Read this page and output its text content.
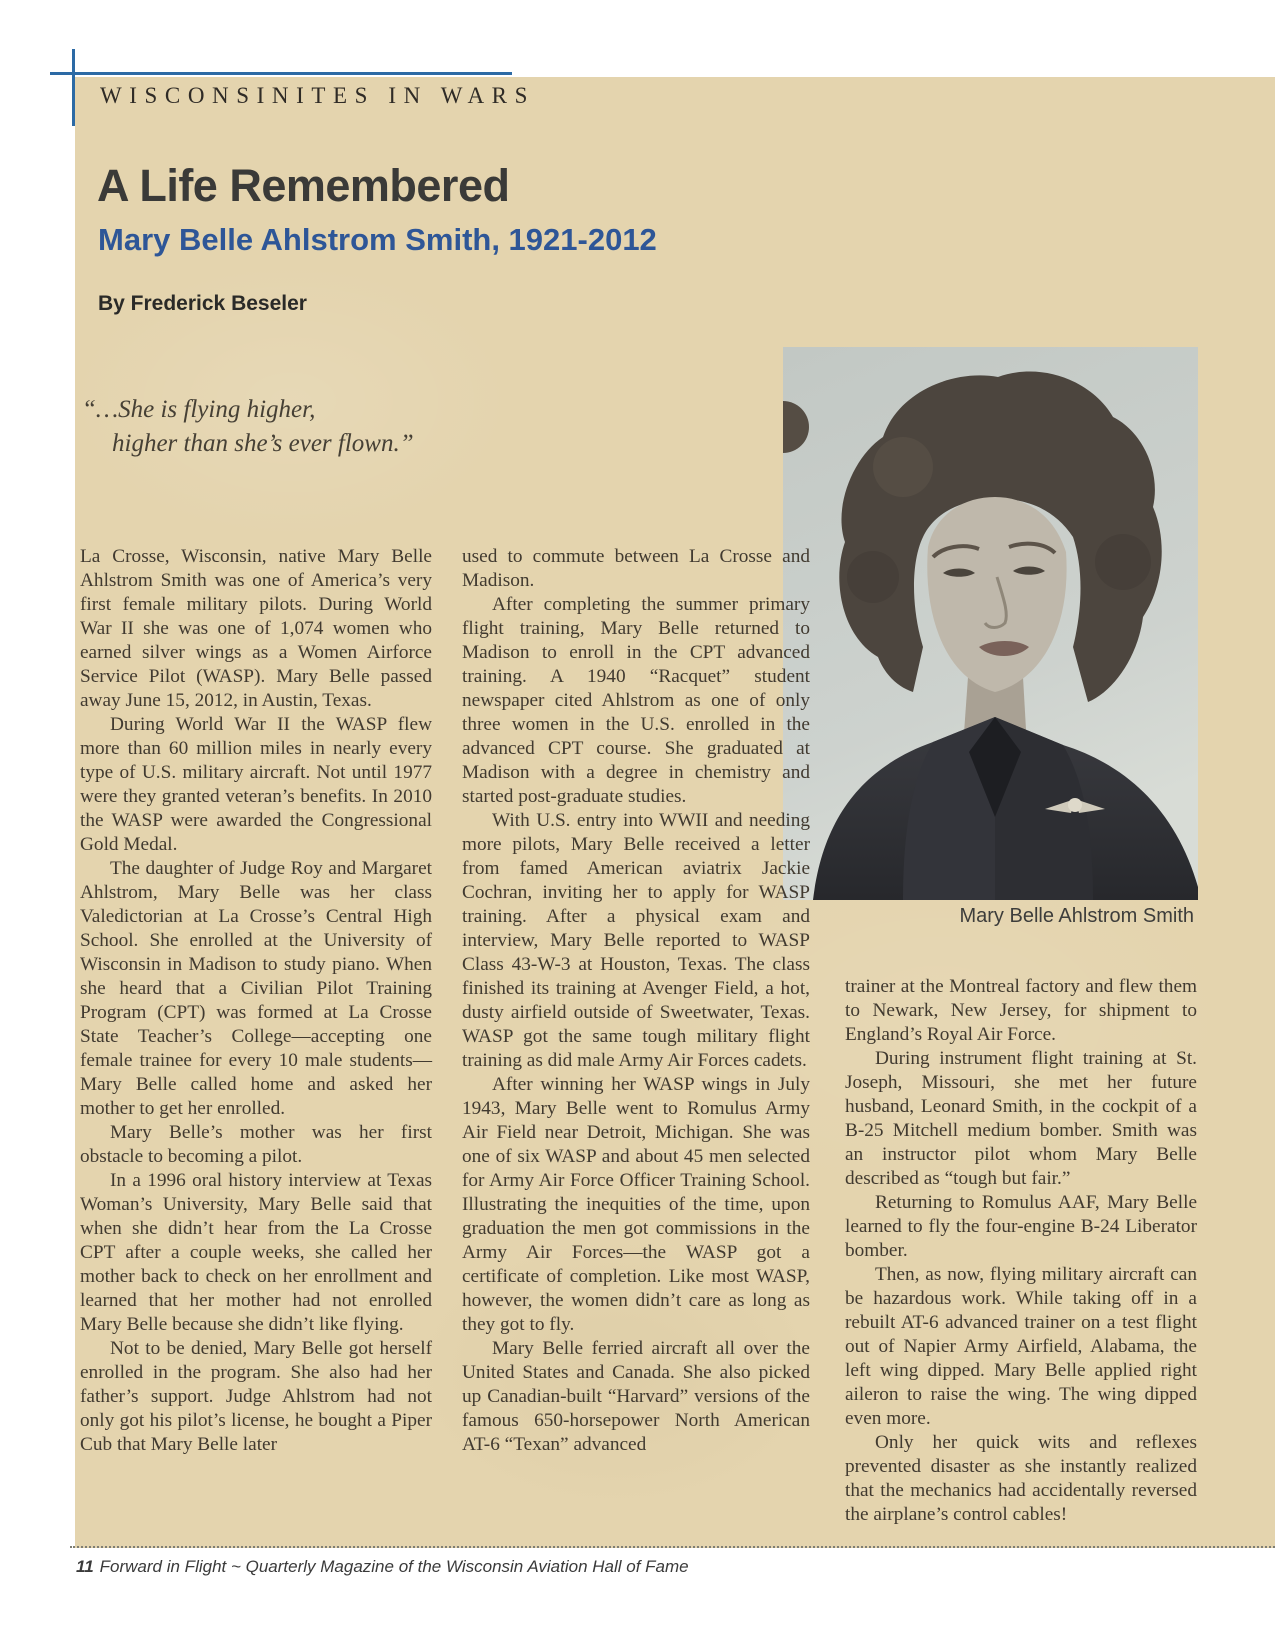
WISCONSINITES IN WARS
A Life Remembered
Mary Belle Ahlstrom Smith, 1921-2012
By Frederick Beseler
“…She is flying higher,
higher than she’s ever flown.”
Mary Belle Ahlstrom Smith

La Crosse, Wisconsin, native Mary Belle Ahlstrom Smith was one of America’s very first female military pilots. During World War II she was one of 1,074 women who earned silver wings as a Women Airforce Service Pilot (WASP). Mary Belle passed away June 15, 2012, in Austin, Texas.

During World War II the WASP flew more than 60 million miles in nearly every type of U.S. military aircraft. Not until 1977 were they granted veteran’s benefits. In 2010 the WASP were awarded the Congressional Gold Medal.

The daughter of Judge Roy and Margaret Ahlstrom, Mary Belle was her class Valedictorian at La Crosse’s Central High School. She enrolled at the University of Wisconsin in Madison to study piano. When she heard that a Civilian Pilot Training Program (CPT) was formed at La Crosse State Teacher’s College—accepting one female trainee for every 10 male students—Mary Belle called home and asked her mother to get her enrolled.

Mary Belle’s mother was her first obstacle to becoming a pilot.

In a 1996 oral history interview at Texas Woman’s University, Mary Belle said that when she didn’t hear from the La Crosse CPT after a couple weeks, she called her mother back to check on her enrollment and learned that her mother had not enrolled Mary Belle because she didn’t like flying.

Not to be denied, Mary Belle got herself enrolled in the program. She also had her father’s support. Judge Ahlstrom had not only got his pilot’s license, he bought a Piper Cub that Mary Belle later

used to commute between La Crosse and Madison.

After completing the summer primary flight training, Mary Belle returned to Madison to enroll in the CPT advanced training. A 1940 “Racquet” student newspaper cited Ahlstrom as one of only three women in the U.S. enrolled in the advanced CPT course. She graduated at Madison with a degree in chemistry and started post-graduate studies.

With U.S. entry into WWII and needing more pilots, Mary Belle received a letter from famed American aviatrix Jackie Cochran, inviting her to apply for WASP training. After a physical exam and interview, Mary Belle reported to WASP Class 43-W-3 at Houston, Texas. The class finished its training at Avenger Field, a hot, dusty airfield outside of Sweetwater, Texas. WASP got the same tough military flight training as did male Army Air Forces cadets.

After winning her WASP wings in July 1943, Mary Belle went to Romulus Army Air Field near Detroit, Michigan. She was one of six WASP and about 45 men selected for Army Air Force Officer Training School. Illustrating the inequities of the time, upon graduation the men got commissions in the Army Air Forces—the WASP got a certificate of completion. Like most WASP, however, the women didn’t care as long as they got to fly.

Mary Belle ferried aircraft all over the United States and Canada. She also picked up Canadian-built “Harvard” versions of the famous 650-horsepower North American AT-6 “Texan” advanced

trainer at the Montreal factory and flew them to Newark, New Jersey, for shipment to England’s Royal Air Force.

During instrument flight training at St. Joseph, Missouri, she met her future husband, Leonard Smith, in the cockpit of a B-25 Mitchell medium bomber. Smith was an instructor pilot whom Mary Belle described as “tough but fair.”

Returning to Romulus AAF, Mary Belle learned to fly the four-engine B-24 Liberator bomber.

Then, as now, flying military aircraft can be hazardous work. While taking off in a rebuilt AT-6 advanced trainer on a test flight out of Napier Army Airfield, Alabama, the left wing dipped. Mary Belle applied right aileron to raise the wing. The wing dipped even more.

Only her quick wits and reflexes prevented disaster as she instantly realized that the mechanics had accidentally reversed the airplane’s control cables!

11 Forward in Flight ~ Quarterly Magazine of the Wisconsin Aviation Hall of Fame
